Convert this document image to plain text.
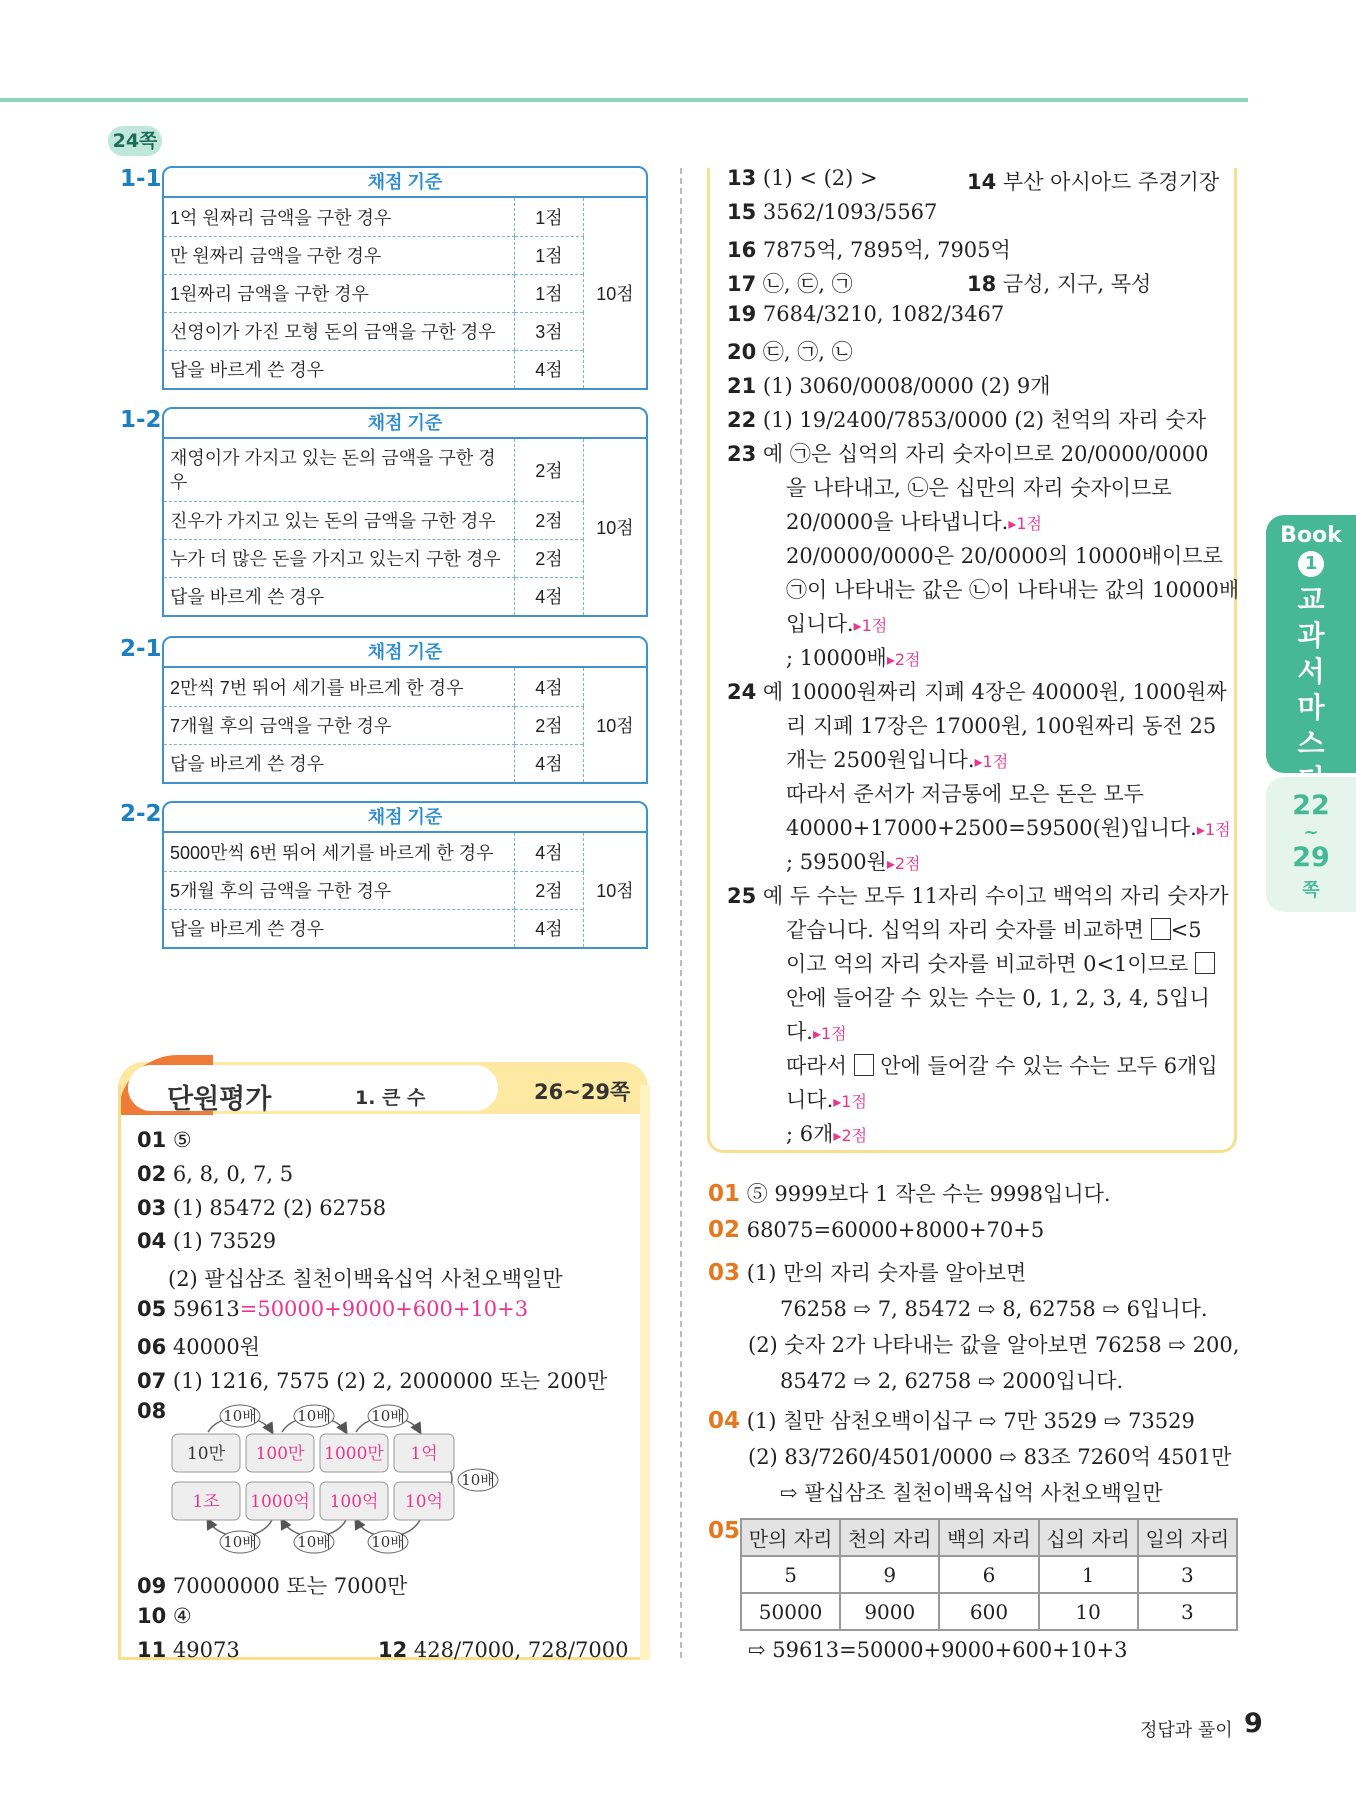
24쪽
1-1	채점 기준
1억 원짜리 금액을 구한 경우	1점	10점
만 원짜리 금액을 구한 경우	1점	
1원짜리 금액을 구한 경우	1점	
선영이가 가진 모형 돈의 금액을 구한 경우	3점	
답을 바르게 쓴 경우	4점	
1-2	채점 기준
재영이가 가지고 있는 돈의 금액을 구한 경우	2점	10점
진우가 가지고 있는 돈의 금액을 구한 경우	2점	
누가 더 많은 돈을 가지고 있는지 구한 경우	2점	
답을 바르게 쓴 경우	4점	
2-1	채점 기준
2만씩 7번 뛰어 세기를 바르게 한 경우	4점	10점
7개월 후의 금액을 구한 경우	2점	
답을 바르게 쓴 경우	4점	
2-2	채점 기준
5000만씩 6번 뛰어 세기를 바르게 한 경우	4점	10점
5개월 후의 금액을 구한 경우	2점	
답을 바르게 쓴 경우	4점	
단원평가	1. 큰 수	26~29쪽
01 ⑤
02 6, 8, 0, 7, 5
03 (1) 85472 (2) 62758
04 (1) 73529
(2) 팔십삼조 칠천이백육십억 사천오백일만
05 59613=50000+9000+600+10+3
06 40000원
07 (1) 1216, 7575 (2) 2, 2000000 또는 200만
08	10배	10배	10배
10배
10배
10배
10배
10만 100만 1000만 1억
1조 1000억 100억 10억
09 70000000 또는 7000만
10 ④
11 49073	12 428/7000, 728/7000
13 (1) < (2) >	14 부산 아시아드 주경기장
15 3562/1093/5567
16 7875억, 7895억, 7905억
17 ㉡, ㉢, ㉠	18 금성, 지구, 목성
19 7684/3210, 1082/3467
20 ㉢, ㉠, ㉡
21 (1) 3060/0008/0000 (2) 9개
22 (1) 19/2400/7853/0000 (2) 천억의 자리 숫자
23 예 ㉠은 십억의 자리 숫자이므로 20/0000/0000
을 나타내고, ㉡은 십만의 자리 숫자이므로
20/0000을 나타냅니다.▸1점
20/0000/0000은 20/0000의 10000배이므로
㉠이 나타내는 값은 ㉡이 나타내는 값의 10000배
입니다.▸1점
; 10000배▸2점
24 예 10000원짜리 지폐 4장은 40000원, 1000원짜
리 지폐 17장은 17000원, 100원짜리 동전 25
개는 2500원입니다.▸1점
따라서 준서가 저금통에 모은 돈은 모두
40000+17000+2500=59500(원)입니다.▸1점
; 59500원▸2점
25 예 두 수는 모두 11자리 수이고 백억의 자리 숫자가
같습니다. 십억의 자리 숫자를 비교하면 <5
이고 억의 자리 숫자를 비교하면 0<1이므로
안에 들어갈 수 있는 수는 0, 1, 2, 3, 4, 5입니
다.▸1점
따라서 안에 들어갈 수 있는 수는 모두 6개입
니다.▸1점
; 6개▸2점
01 ⑤ 9999보다 1 작은 수는 9998입니다.
02 68075=60000+8000+70+5
03 (1) 만의 자리 숫자를 알아보면
76258 ⇨ 7, 85472 ⇨ 8, 62758 ⇨ 6입니다.
(2) 숫자 2가 나타내는 값을 알아보면 76258 ⇨ 200,
85472 ⇨ 2, 62758 ⇨ 2000입니다.
04 (1) 칠만 삼천오백이십구 ⇨ 7만 3529 ⇨ 73529
(2) 83/7260/4501/0000 ⇨ 83조 7260억 4501만
⇨ 팔십삼조 칠천이백육십억 사천오백일만
05 만의 자리	천의 자리	백의 자리	십의 자리	일의 자리
5	9	6	1	3
50000	9000	600	10	3
⇨ 59613=50000+9000+600+10+3
Book
1
교과서 마스
22
~
29
쪽
정답과 풀이 9
